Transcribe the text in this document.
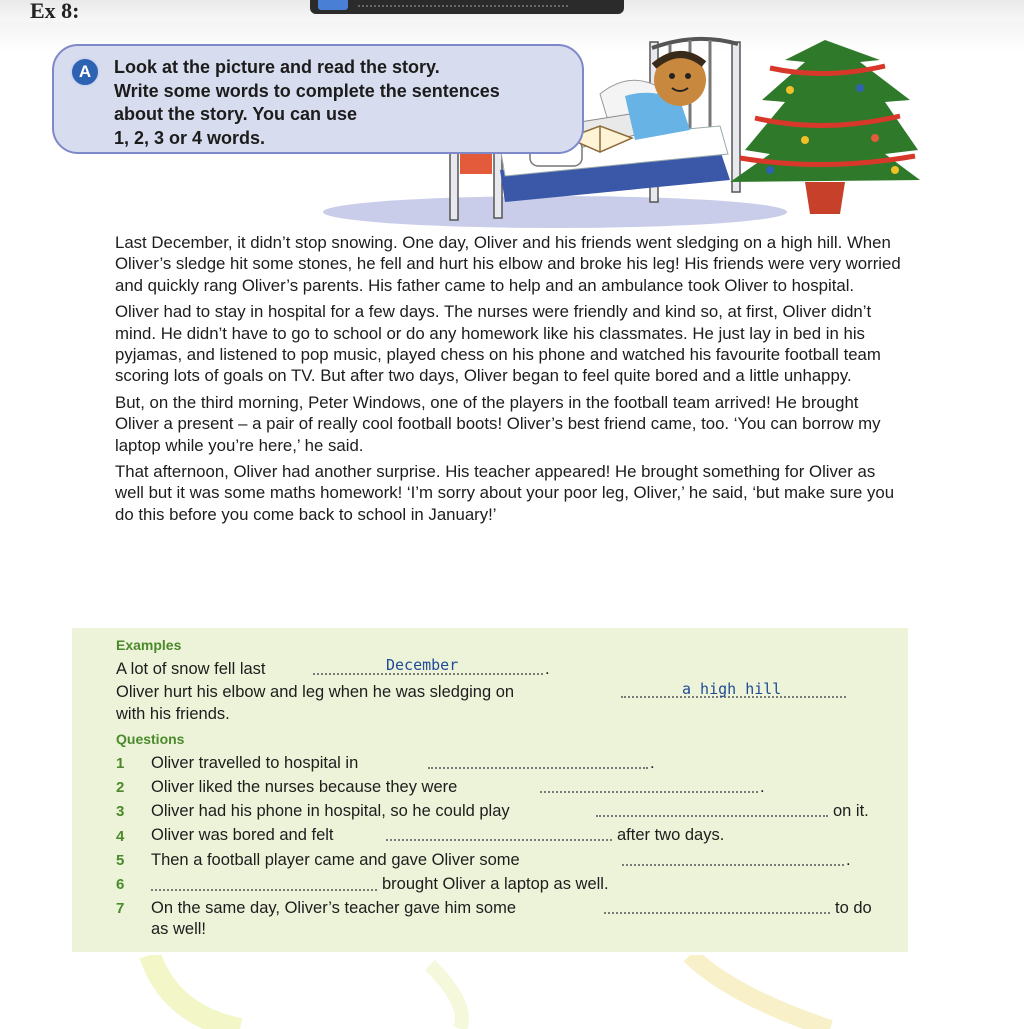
Ex 8:
A	Look at the picture and read the story.
Write some words to complete the sentences
about the story. You can use
1, 2, 3 or 4 words.

Last December, it didn’t stop snowing. One day, Oliver and his friends went sledging on a high hill. When Oliver’s sledge hit some stones, he fell and hurt his elbow and broke his leg! His friends were very worried and quickly rang Oliver’s parents. His father came to help and an ambulance took Oliver to hospital.

Oliver had to stay in hospital for a few days. The nurses were friendly and kind so, at first, Oliver didn’t mind. He didn’t have to go to school or do any homework like his classmates. He just lay in bed in his pyjamas, and listened to pop music, played chess on his phone and watched his favourite football team scoring lots of goals on TV. But after two days, Oliver began to feel quite bored and a little unhappy.

But, on the third morning, Peter Windows, one of the players in the football team arrived! He brought Oliver a present – a pair of really cool football boots! Oliver’s best friend came, too. ‘You can borrow my laptop while you’re here,’ he said.

That afternoon, Oliver had another surprise. His teacher appeared! He brought something for Oliver as well but it was some maths homework! ‘I’m sorry about your poor leg, Oliver,’ he said, ‘but make sure you do this before you come back to school in January!’

Examples
A lot of snow fell last	December	.
Oliver hurt his elbow and leg when he was sledging on	a high hill
with his friends.
Questions
1 Oliver travelled to hospital in	.
2 Oliver liked the nurses because they were	.
3 Oliver had his phone in hospital, so he could play	on it.
4 Oliver was bored and felt	after two days.
5 Then a football player came and gave Oliver some	.
6	brought Oliver a laptop as well.
7 On the same day, Oliver’s teacher gave him some	to do
as well!
